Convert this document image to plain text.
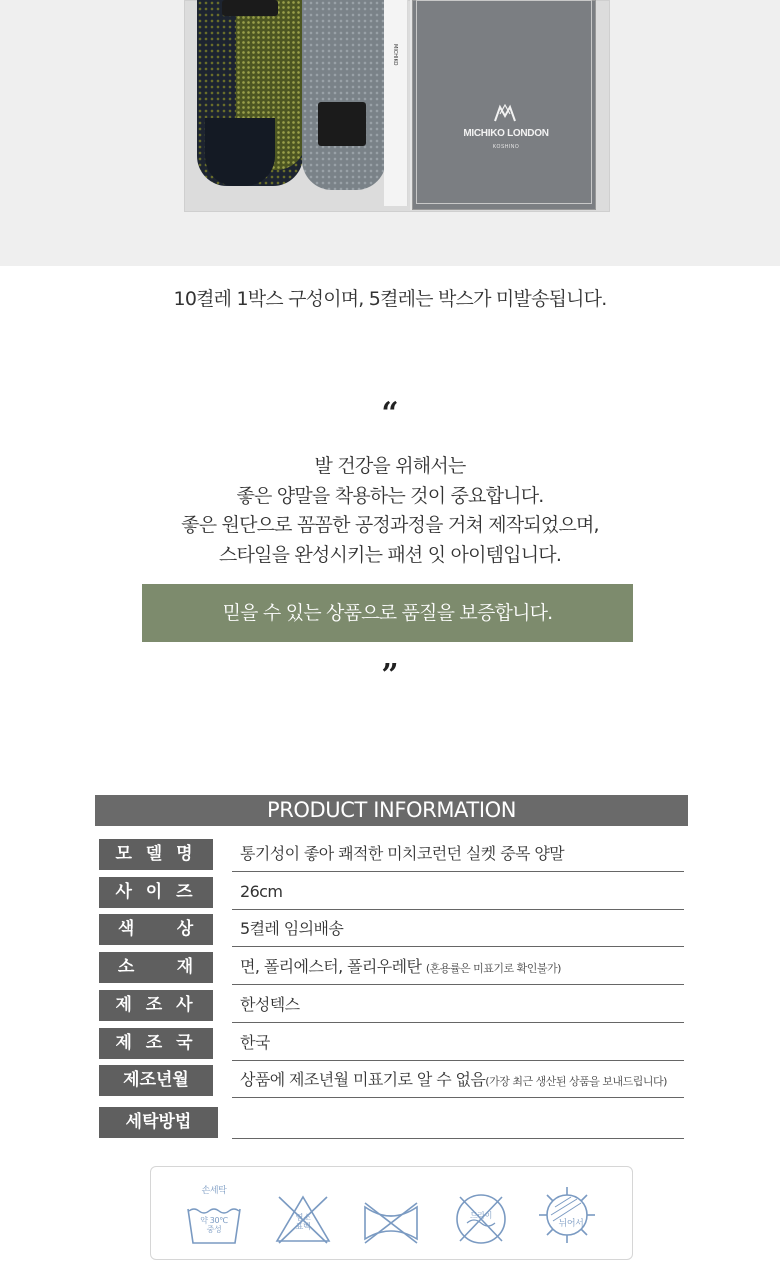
MICHIKO
MICHIKO LONDON
KOSHINO
10켤레 1박스 구성이며, 5켤레는 박스가 미발송됩니다.
“
발 건강을 위해서는
좋은 양말을 착용하는 것이 중요합니다.
좋은 원단으로 꼼꼼한 공정과정을 거쳐 제작되었으며,
스타일을 완성시키는 패션 잇 아이템입니다.
믿을 수 있는 상품으로 품질을 보증합니다.
”
PRODUCT INFORMATION
모 델 명	통기성이 좋아 쾌적한 미치코런던 실켓 중목 양말
사 이 즈	26cm
색      상	5켤레 임의배송
소      재	면, 폴리에스터, 폴리우레탄 (혼용률은 미표기로 확인불가)
제 조 사	한성텍스
제 조 국	한국
제조년월	상품에 제조년월 미표기로 알 수 없음(가장 최근 생산된 상품을 보내드립니다)
세탁방법
손세탁
약 30℃
중성
염소
표백
드라이
뉘어서
